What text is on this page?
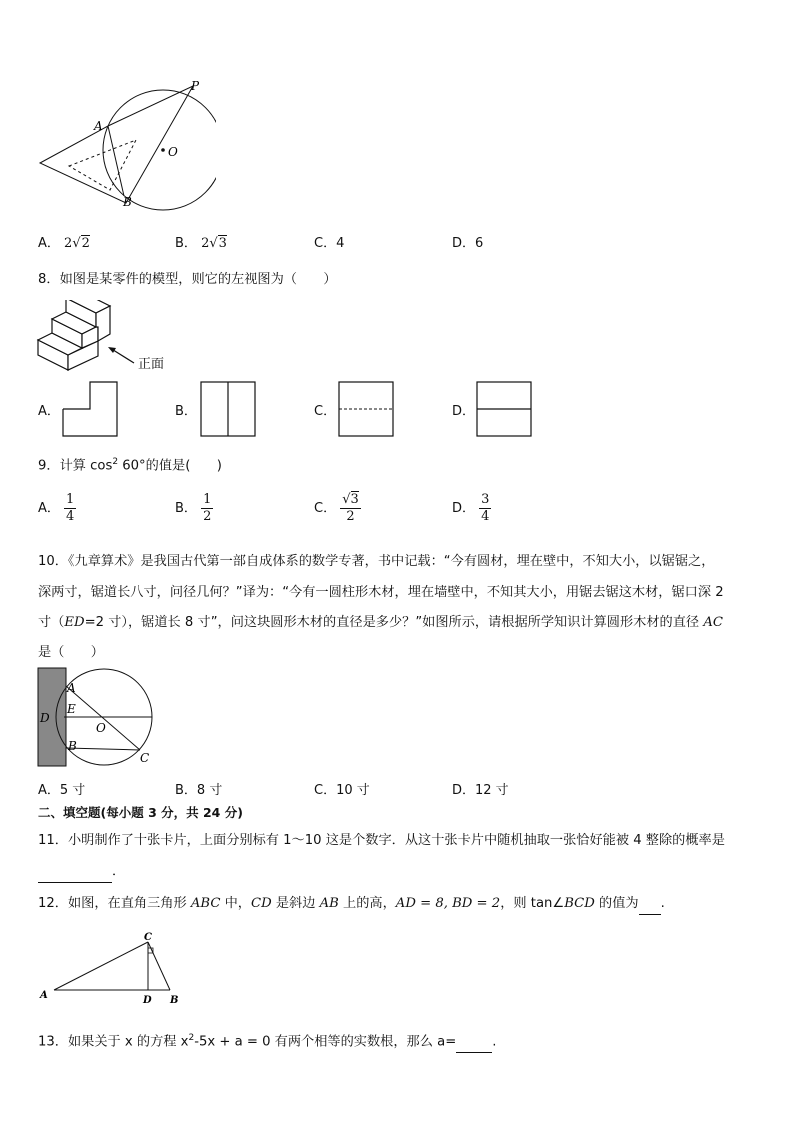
P
A
B
O
A． 2√2	B． 2√3	C．4	D．6
8．如图是某零件的模型，则它的左视图为（　　）
正面
A．	B．	C．	D．
9．计算 $\cos^2 60^\circ$的值是(　　)
A． $\frac{1}{4}$	B． $\frac{1}{2}$	C． $\frac{√3}{2}$	D． $\frac{3}{4}$
10．《九章算术》是我国古代第一部自成体系的数学专著，书中记载：“今有圆材，埋在壁中，不知大小，以锯锯之，
深两寸，锯道长八寸，问径几何？”译为：“今有一圆柱形木材，埋在墙壁中，不知其大小，用锯去锯这木材，锯口深 2
寸（ED=2 寸），锯道长 8 寸”，问这块圆形木材的直径是多少？”如图所示，请根据所学知识计算圆形木材的直径 AC
是（　　）
A
D
E
O
B
C
A．5 寸	B．8 寸	C．10 寸	D．12 寸
二、填空题(每小题 3 分，共 24 分)
11．小明制作了十张卡片，上面分别标有 1～10 这是个数字．从这十张卡片中随机抽取一张恰好能被 4 整除的概率是
．
12．如图，在直角三角形 ABC 中，CD 是斜边 AB 上的高，AD = 8, BD = 2，则 tan∠BCD 的值为 .
A
C
D B
13．如果关于 x 的方程 $x^2-5x + a = 0$ 有两个相等的实数根，那么 a=	.
